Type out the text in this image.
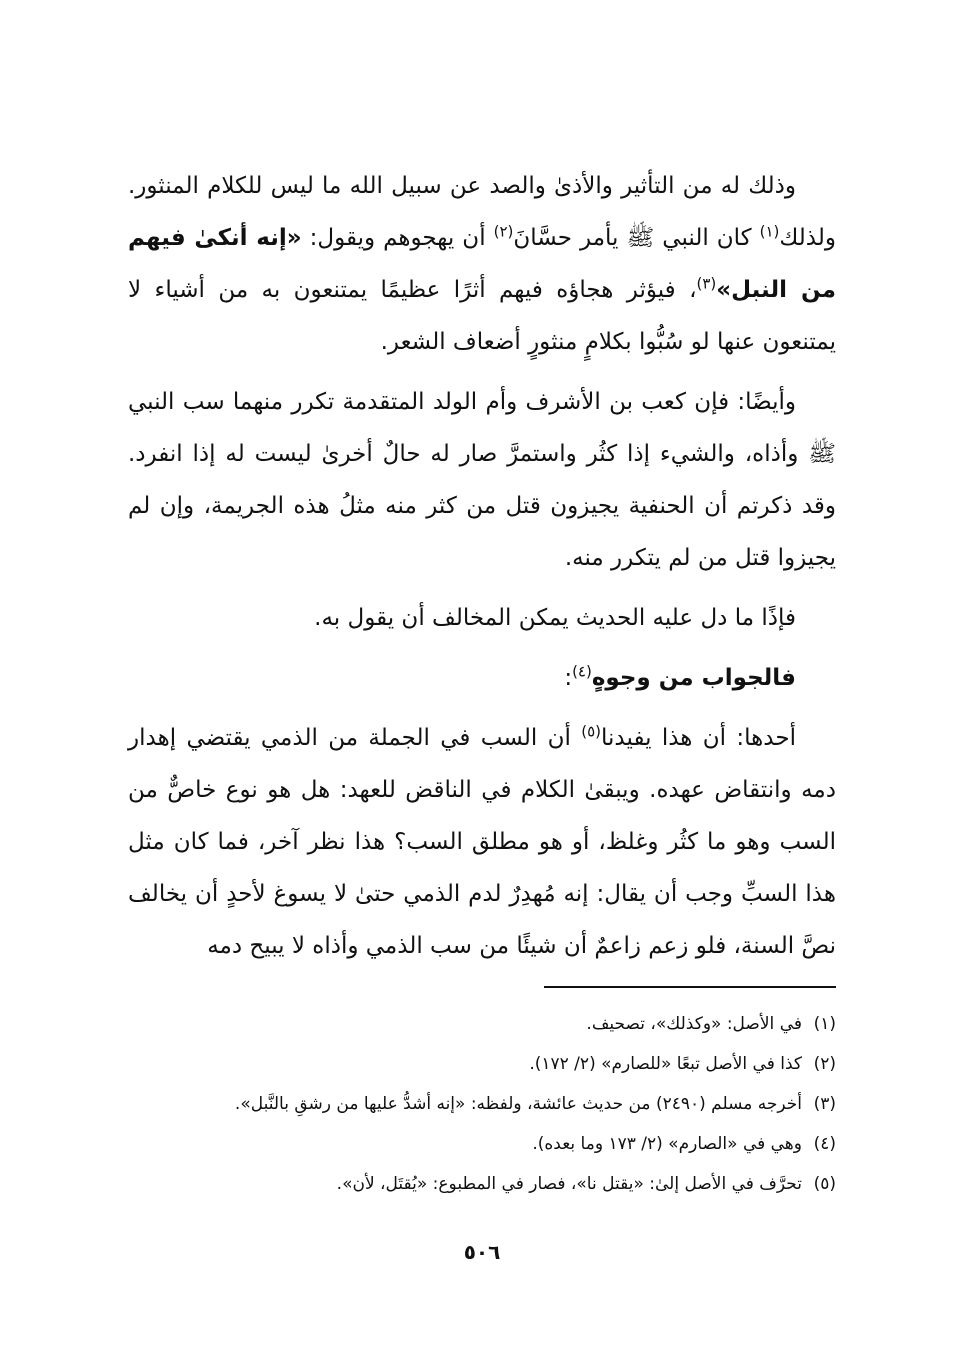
وذلك له من التأثير والأذىٰ والصد عن سبيل الله ما ليس للكلام المنثور. ولذلك$^{(١)}$ كان النبي ﷺ يأمر حسَّانَ$^{(٢)}$ أن يهجوهم ويقول: «إنه أنكىٰ فيهم من النبل»$^{(٣)}$، فيؤثر هجاؤه فيهم أثرًا عظيمًا يمتنعون به من أشياء لا يمتنعون عنها لو سُبُّوا بكلامٍ منثورٍ أضعاف الشعر.

وأيضًا: فإن كعب بن الأشرف وأم الولد المتقدمة تكرر منهما سب النبي ﷺ وأذاه، والشيء إذا كثُر واستمرَّ صار له حالٌ أخرىٰ ليست له إذا انفرد. وقد ذكرتم أن الحنفية يجيزون قتل من كثر منه مثلُ هذه الجريمة، وإن لم يجيزوا قتل من لم يتكرر منه.

فإذًا ما دل عليه الحديث يمكن المخالف أن يقول به.

فالجواب من وجوهٍ$^{(٤)}$:

أحدها: أن هذا يفيدنا$^{(٥)}$ أن السب في الجملة من الذمي يقتضي إهدار دمه وانتقاض عهده. ويبقىٰ الكلام في الناقض للعهد: هل هو نوع خاصٌّ من السب وهو ما كثُر وغلظ، أو هو مطلق السب؟ هذا نظر آخر، فما كان مثل هذا السبِّ وجب أن يقال: إنه مُهدِرٌ لدم الذمي حتىٰ لا يسوغ لأحدٍ أن يخالف نصَّ السنة، فلو زعم زاعمٌ أن شيئًا من سب الذمي وأذاه لا يبيح دمه

(١)في الأصل: «وكذلك»، تصحيف.
(٢)كذا في الأصل تبعًا «للصارم» (٢/ ١٧٢).
(٣)أخرجه مسلم (٢٤٩٠) من حديث عائشة، ولفظه: «إنه أشدُّ عليها من رشقِ بالنَّبل».
(٤)وهي في «الصارم» (٢/ ١٧٣ وما بعده).
(٥)تحرَّف في الأصل إلىٰ: «يقتل نا»، فصار في المطبوع: «يُقتَل، لأن».
٥٠٦
